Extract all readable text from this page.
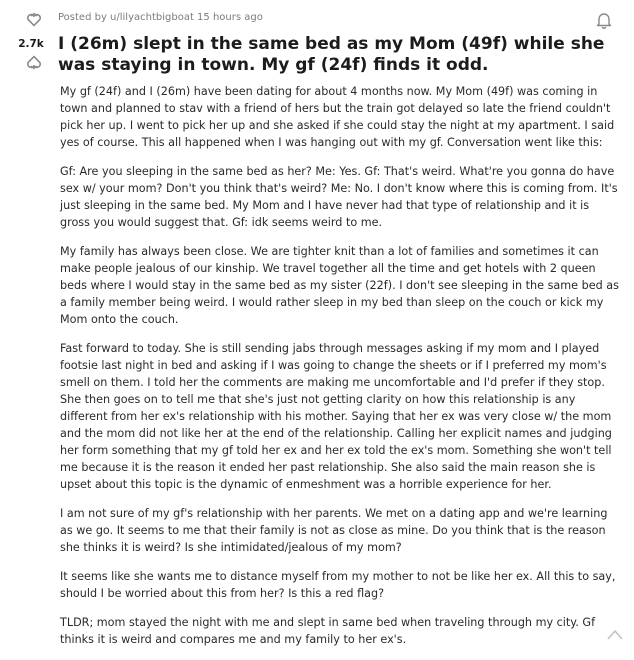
2.7k
Posted by u/lilyachtbigboat 15 hours ago
I (26m) slept in the same bed as my Mom (49f) while she was staying in town. My gf (24f) finds it odd.

My gf (24f) and I (26m) have been dating for about 4 months now. My Mom (49f) was coming in town and planned to stav with a friend of hers but the train got delayed so late the friend couldn't pick her up. I went to pick her up and she asked if she could stay the night at my apartment. I said yes of course. This all happened when I was hanging out with my gf. Conversation went like this:

Gf: Are you sleeping in the same bed as her? Me: Yes. Gf: That's weird. What're you gonna do have sex w/ your mom? Don't you think that's weird? Me: No. I don't know where this is coming from. It's just sleeping in the same bed. My Mom and I have never had that type of relationship and it is gross you would suggest that. Gf: idk seems weird to me.

My family has always been close. We are tighter knit than a lot of families and sometimes it can make people jealous of our kinship. We travel together all the time and get hotels with 2 queen beds where I would stay in the same bed as my sister (22f). I don't see sleeping in the same bed as a family member being weird. I would rather sleep in my bed than sleep on the couch or kick my Mom onto the couch.

Fast forward to today. She is still sending jabs through messages asking if my mom and I played footsie last night in bed and asking if I was going to change the sheets or if I preferred my mom's smell on them. I told her the comments are making me uncomfortable and I'd prefer if they stop. She then goes on to tell me that she's just not getting clarity on how this relationship is any different from her ex's relationship with his mother. Saying that her ex was very close w/ the mom and the mom did not like her at the end of the relationship. Calling her explicit names and judging her form something that my gf told her ex and her ex told the ex's mom. Something she won't tell me because it is the reason it ended her past relationship. She also said the main reason she is upset about this topic is the dynamic of enmeshment was a horrible experience for her.

I am not sure of my gf's relationship with her parents. We met on a dating app and we're learning as we go. It seems to me that their family is not as close as mine. Do you think that is the reason she thinks it is weird? Is she intimidated/jealous of my mom?

It seems like she wants me to distance myself from my mother to not be like her ex. All this to say, should I be worried about this from her? Is this a red flag?

TLDR; mom stayed the night with me and slept in same bed when traveling through my city. Gf thinks it is weird and compares me and my family to her ex's.
